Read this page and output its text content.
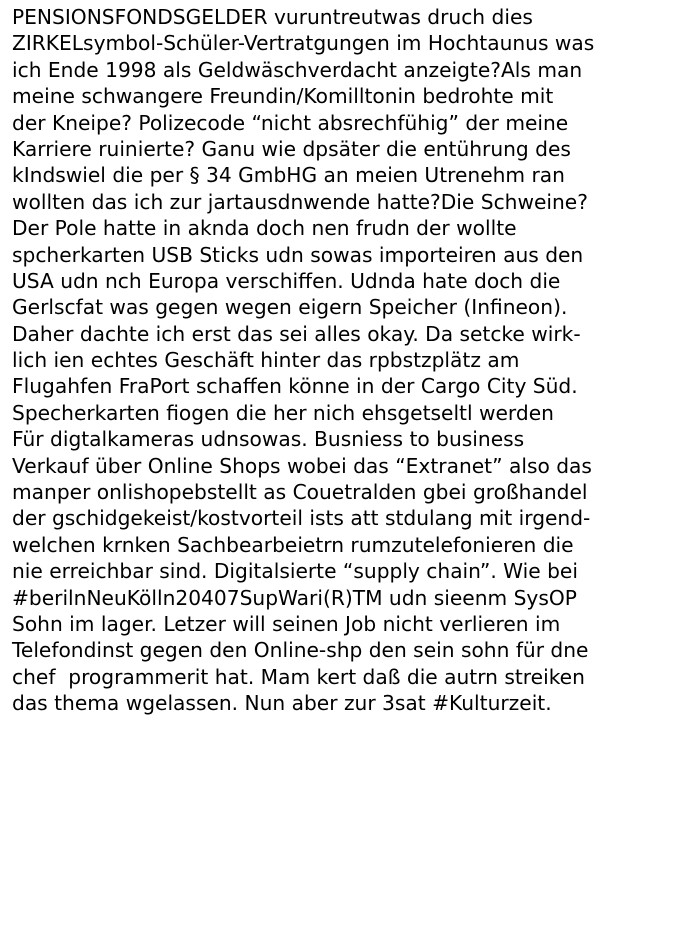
PENSIONSFONDSGELDER vuruntreutwas druch dies
ZIRKELsymbol-Schüler-Vertratgungen im Hochtaunus was
ich Ende 1998 als Geldwäschverdacht anzeigte?Als man
meine schwangere Freundin/Komilltonin bedrohte mit
der Kneipe? Polizecode “nicht absrechfühig” der meine
Karriere ruinierte? Ganu wie dpsäter die entührung des
kIndswiel die per § 34 GmbHG an meien Utrenehm ran
wollten das ich zur jartausdnwende hatte?Die Schweine?
Der Pole hatte in aknda doch nen frudn der wollte
spcherkarten USB Sticks udn sowas importeiren aus den
USA udn nch Europa verschiffen. Udnda hate doch die
Gerlscfat was gegen wegen eigern Speicher (Infineon).
Daher dachte ich erst das sei alles okay. Da setcke wirk-
lich ien echtes Geschäft hinter das rpbstzplätz am
Flugahfen FraPort schaffen könne in der Cargo City Süd.
Specherkarten fiogen die her nich ehsgetseltl werden
Für digtalkameras udnsowas. Busniess to business
Verkauf über Online Shops wobei das “Extranet” also das
manper onlishopebstellt as Couetralden gbei großhandel
der gschidgekeist/kostvorteil ists att stdulang mit irgend-
welchen krnken Sachbearbeietrn rumzutelefonieren die
nie erreichbar sind. Digitalsierte “supply chain”. Wie bei
#berilnNeuKölln20407SupWari(R)TM udn sieenm SysOP
Sohn im lager. Letzer will seinen Job nicht verlieren im
Telefondinst gegen den Online-shp den sein sohn für dne
chef  programmerit hat. Mam kert daß die autrn streiken
das thema wgelassen. Nun aber zur 3sat #Kulturzeit.
